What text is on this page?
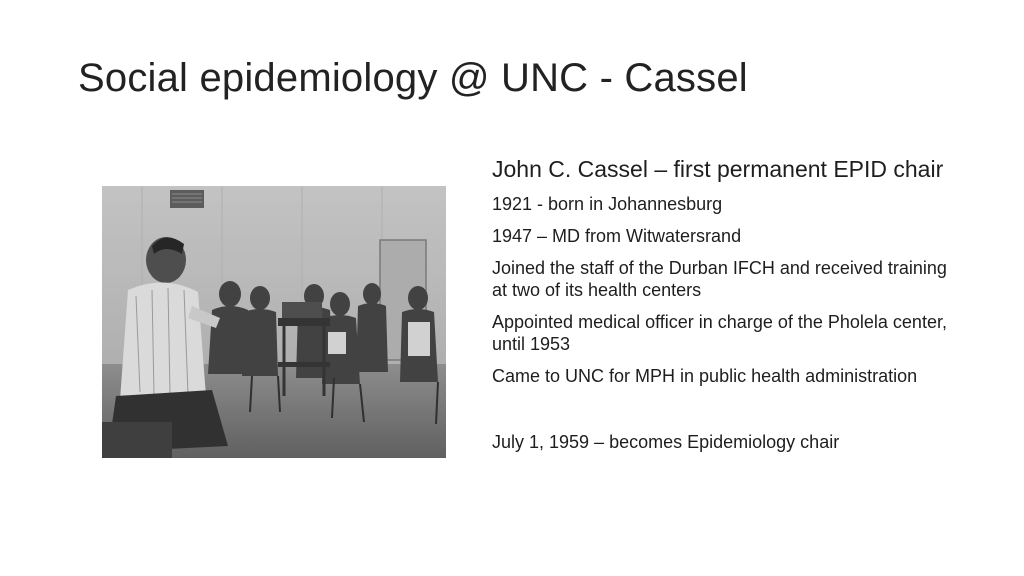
Social epidemiology @ UNC - Cassel
John C. Cassel – first permanent EPID chair
1921 - born in Johannesburg
1947 – MD from Witwatersrand
Joined the staff of the Durban IFCH and received training at two of its health centers
Appointed medical officer in charge of the Pholela center, until 1953
Came to UNC for MPH in public health administration
July 1, 1959 – becomes Epidemiology chair
